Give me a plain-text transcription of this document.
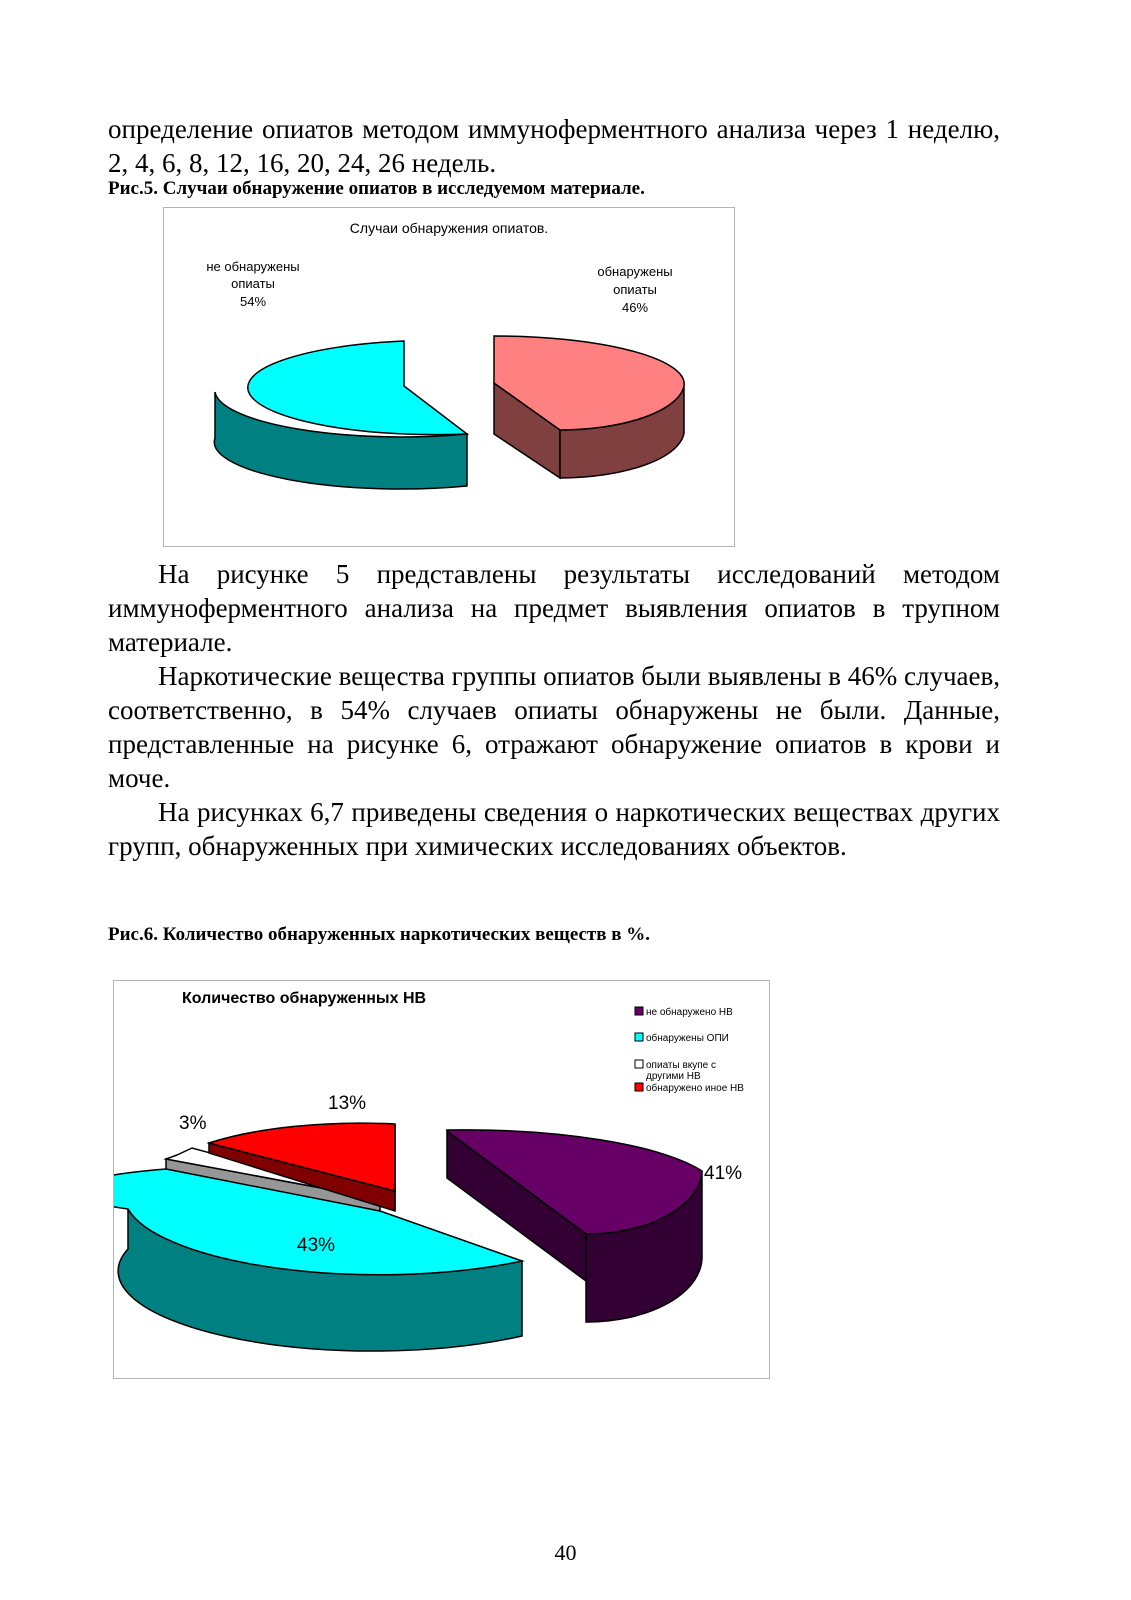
определение опиатов методом иммуноферментного анализа через 1 неделю, 2, 4, 6, 8, 12, 16, 20, 24, 26 недель.

Рис.5. Случаи обнаружение опиатов в исследуемом материале.

Случаи обнаружения опиатов.
не обнаружены
опиаты
54%
обнаружены
опиаты
46%

На рисунке 5 представлены результаты исследований методом иммуноферментного анализа на предмет выявления опиатов в трупном материале.

Наркотические вещества группы опиатов были выявлены в 46% случаев, соответственно, в 54% случаев опиаты обнаружены не были. Данные, представленные на рисунке 6, отражают обнаружение опиатов в крови и моче.

На рисунках 6,7 приведены сведения о наркотических веществах других групп, обнаруженных при химических исследованиях объектов.

Рис.6. Количество обнаруженных наркотических веществ в %.

Количество обнаруженных НВ
41%
43%
3%
13%
не обнаружено НВ
обнаружены ОПИ
опиаты вкупе с
другими НВ
обнаружено иное НВ
40
